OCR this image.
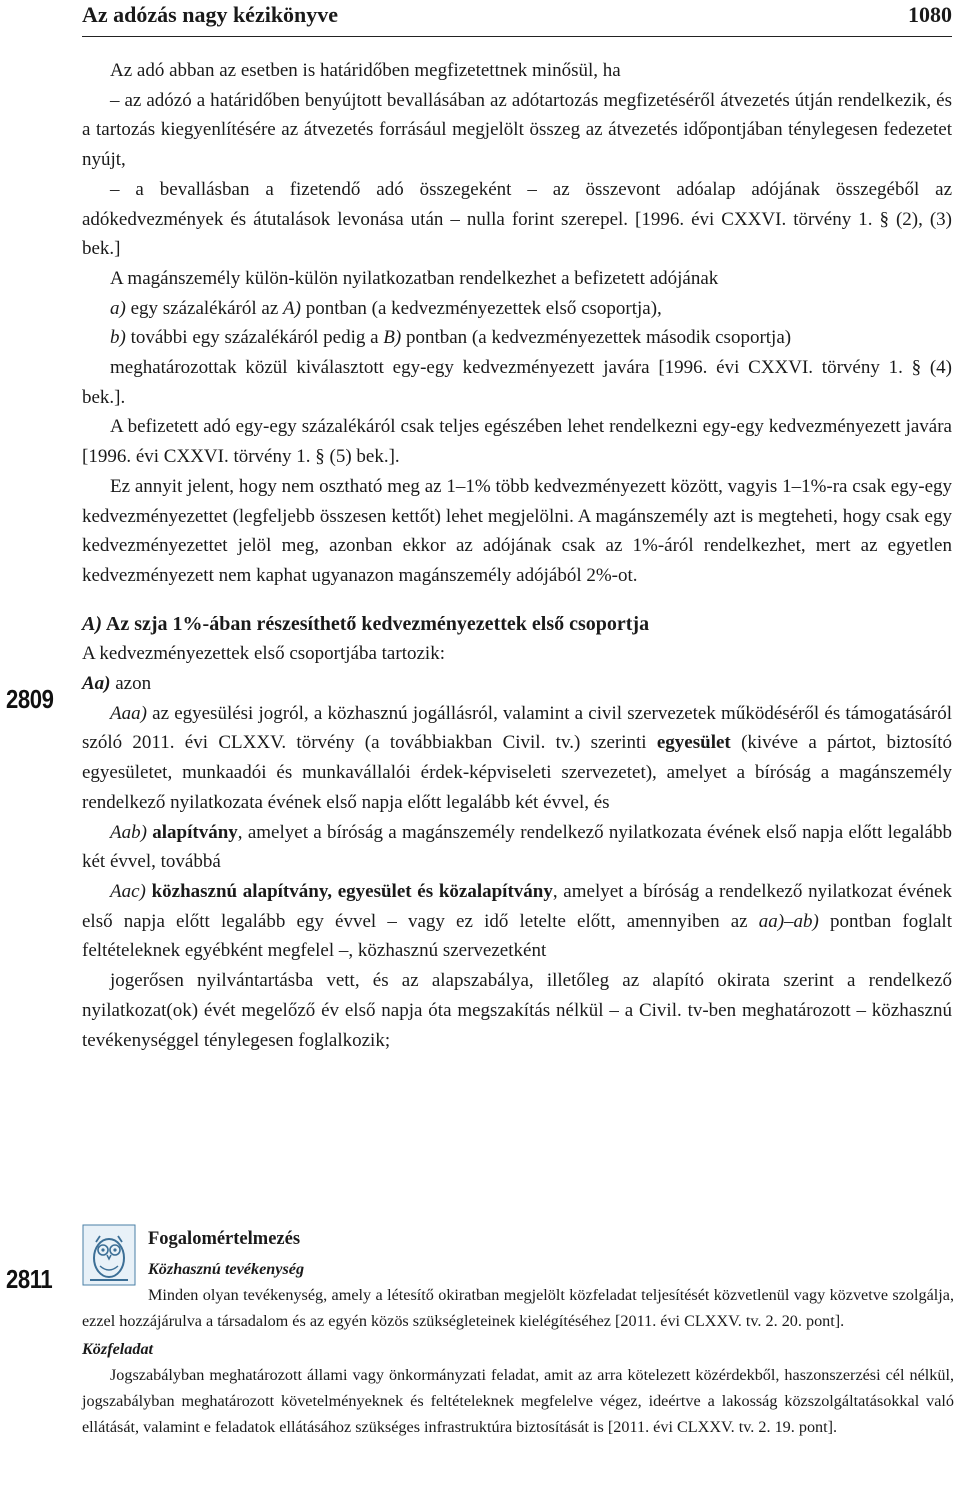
Az adózás nagy kézikönyve	1080
2809
2811

Az adó abban az esetben is határidőben megfizetettnek minősül, ha

– az adózó a határidőben benyújtott bevallásában az adótartozás megfizetéséről átvezetés útján rendelkezik, és a tartozás kiegyenlítésére az átvezetés forrásául megjelölt összeg az átvezetés időpontjában ténylegesen fedezetet nyújt,

– a bevallásban a fizetendő adó összegeként – az összevont adóalap adójának összegéből az adókedvezmények és átutalások levonása után – nulla forint szerepel. [1996. évi CXXVI. törvény 1. § (2), (3) bek.]

A magánszemély külön-külön nyilatkozatban rendelkezhet a befizetett adójának

a) egy százalékáról az A) pontban (a kedvezményezettek első csoportja),

b) további egy százalékáról pedig a B) pontban (a kedvezményezettek második csoportja)

meghatározottak közül kiválasztott egy-egy kedvezményezett javára [1996. évi CXXVI. törvény 1. § (4) bek.].

A befizetett adó egy-egy százalékáról csak teljes egészében lehet rendelkezni egy-egy kedvezményezett javára [1996. évi CXXVI. törvény 1. § (5) bek.].

Ez annyit jelent, hogy nem osztható meg az 1–1% több kedvezményezett között, vagyis 1–1%-ra csak egy-egy kedvezményezettet (legfeljebb összesen kettőt) lehet megjelölni. A magánszemély azt is megteheti, hogy csak egy kedvezményezettet jelöl meg, azonban ekkor az adójának csak az 1%-áról rendelkezhet, mert az egyetlen kedvezményezett nem kaphat ugyanazon magánszemély adójából 2%-ot.

A) Az szja 1%-ában részesíthető kedvezményezettek első csoportja

A kedvezményezettek első csoportjába tartozik:

Aa) azon

Aaa) az egyesülési jogról, a közhasznú jogállásról, valamint a civil szervezetek működéséről és támogatásáról szóló 2011. évi CLXXV. törvény (a továbbiakban Civil. tv.) szerinti egyesület (kivéve a pártot, biztosító egyesületet, munkaadói és munkavállalói érdek-képviseleti szervezetet), amelyet a bíróság a magánszemély rendelkező nyilatkozata évének első napja előtt legalább két évvel, és

Aab) alapítvány, amelyet a bíróság a magánszemély rendelkező nyilatkozata évének első napja előtt legalább két évvel, továbbá

Aac) közhasznú alapítvány, egyesület és közalapítvány, amelyet a bíróság a rendelkező nyilatkozat évének első napja előtt legalább egy évvel – vagy ez idő letelte előtt, amennyiben az aa)–ab) pontban foglalt feltételeknek egyébként megfelel –, közhasznú szervezetként

jogerősen nyilvántartásba vett, és az alapszabálya, illetőleg az alapító okirata szerint a rendelkező nyilatkozat(ok) évét megelőző év első napja óta megszakítás nélkül – a Civil. tv-ben meghatározott – közhasznú tevékenységgel ténylegesen foglalkozik;

Fogalomértelmezés
Közhasznú tevékenység
Minden olyan tevékenység, amely a létesítő okiratban megjelölt közfeladat teljesítését közvetlenül vagy közvetve szolgálja, ezzel hozzájárulva a társadalom és az egyén közös szükségleteinek kielégítéséhez [2011. évi CLXXV. tv. 2. 20. pont].
Közfeladat
Jogszabályban meghatározott állami vagy önkormányzati feladat, amit az arra kötelezett közérdekből, haszonszerzési cél nélkül, jogszabályban meghatározott követelményeknek és feltételeknek megfelelve végez, ideértve a lakosság közszolgáltatásokkal való ellátását, valamint e feladatok ellátásához szükséges infrastruktúra biztosítását is [2011. évi CLXXV. tv. 2. 19. pont].
